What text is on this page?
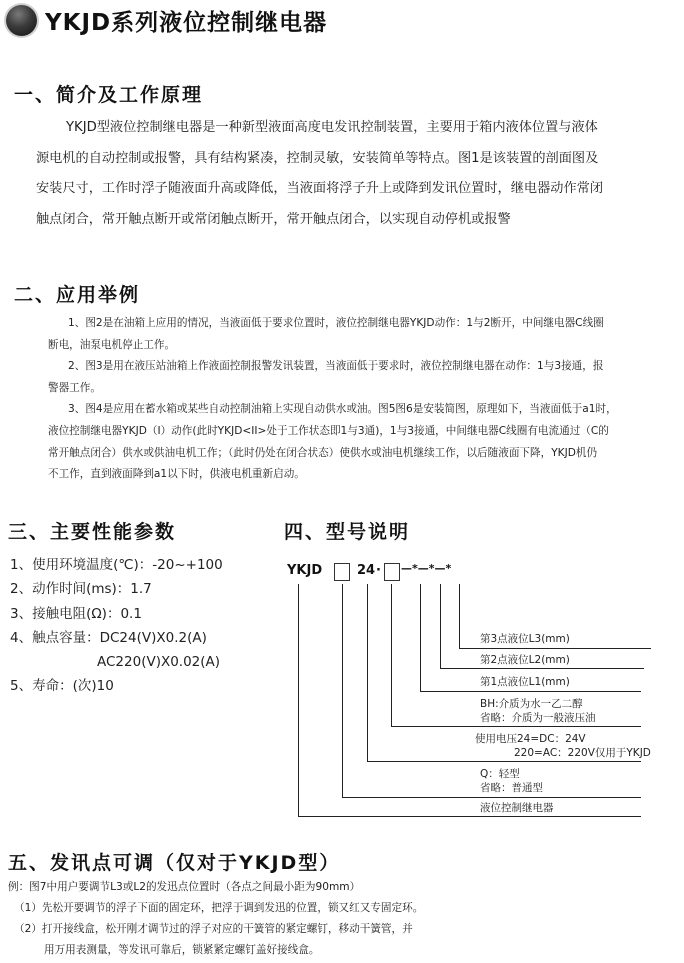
YKJD系列液位控制继电器
一、简介及工作原理
YKJD型液位控制继电器是一种新型液面高度电发讯控制装置，主要用于箱内液体位置与液体
源电机的自动控制或报警，具有结构紧凑，控制灵敏，安装简单等特点。图1是该装置的剖面图及
安装尺寸，工作时浮子随液面升高或降低，当液面将浮子升上或降到发讯位置时，继电器动作常闭
触点闭合，常开触点断开或常闭触点断开，常开触点闭合，以实现自动停机或报警
二、应用举例
1、图2是在油箱上应用的情况，当液面低于要求位置时，液位控制继电器YKJD动作：1与2断开，中间继电器C线圈
断电，油泵电机停止工作。
2、图3是用在液压站油箱上作液面控制报警发讯装置，当液面低于要求时，液位控制继电器在动作：1与3接通，报
警器工作。
3、图4是应用在蓄水箱或某些自动控制油箱上实现自动供水或油。图5图6是安装简图，原理如下，当液面低于a1时，
液位控制继电器YKJD（I）动作(此时YKJD<II>处于工作状态即1与3通)，1与3接通，中间继电器C线圈有电流通过（C的
常开触点闭合）供水或供油电机工作；（此时仍处在闭合状态）使供水或油电机继续工作，以后随液面下降，YKJD机仍
不工作，直到液面降到a1以下时，供液电机重新启动。
三、主要性能参数
1、使用环境温度(℃)：-20~+100
2、动作时间(ms)：1.7
3、接触电阻(Ω)：0.1
4、触点容量：DC24(V)X0.2(A)
AC220(V)X0.02(A)
5、寿命：(次)10
四、型号说明
YKJD	24 · —*—*—*
第3点液位L3(mm)
第2点液位L2(mm)
第1点液位L1(mm)
BH:介质为水一乙二醇
省略：介质为一般液压油
使用电压24=DC：24V
220=AC：220V仅用于YKJD
Q：轻型
省略：普通型
液位控制继电器
五、发讯点可调（仅对于YKJD型）
例：图7中用户要调节L3或L2的发迅点位置时（各点之间最小距为90mm）
（1）先松开要调节的浮子下面的固定环，把浮于调到发迅的位置，锁又红又专固定环。
（2）打开接线盒，松开刚才调节过的浮子对应的干簧管的紧定螺钉，移动干簧管，并
用万用表测量，等发讯可靠后，锁紧紧定螺钉盖好接线盒。
